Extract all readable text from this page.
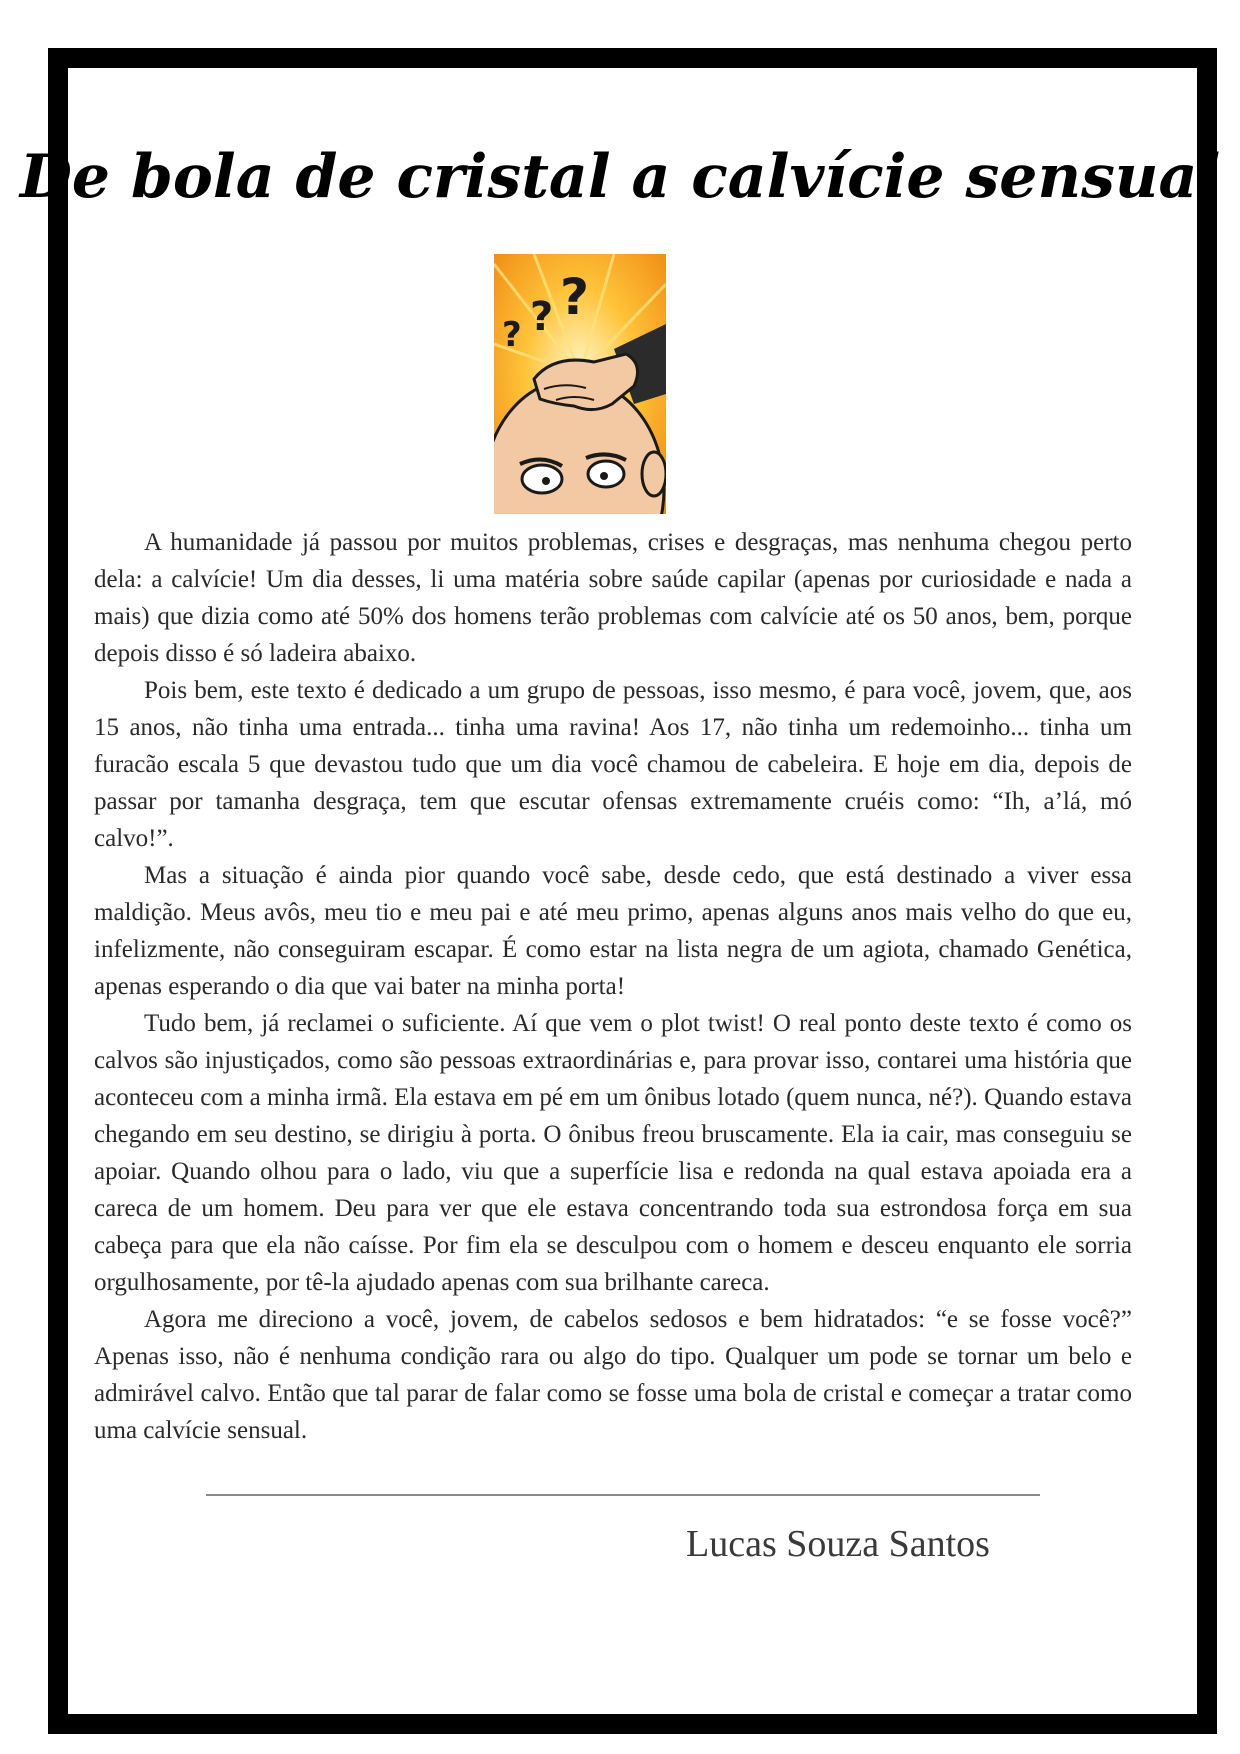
De bola de cristal a calvície sensual
? ? ?

A humanidade já passou por muitos problemas, crises e desgraças, mas nenhuma chegou perto dela: a calvície! Um dia desses, li uma matéria sobre saúde capilar (apenas por curiosidade e nada a mais) que dizia como até 50% dos homens terão problemas com calvície até os 50 anos, bem, porque depois disso é só ladeira abaixo.

Pois bem, este texto é dedicado a um grupo de pessoas, isso mesmo, é para você, jovem, que, aos 15 anos, não tinha uma entrada... tinha uma ravina! Aos 17, não tinha um redemoinho... tinha um furacão escala 5 que devastou tudo que um dia você chamou de cabeleira. E hoje em dia, depois de passar por tamanha desgraça, tem que escutar ofensas extremamente cruéis como: “Ih, a’lá, mó calvo!”.

Mas a situação é ainda pior quando você sabe, desde cedo, que está destinado a viver essa maldição. Meus avôs, meu tio e meu pai e até meu primo, apenas alguns anos mais velho do que eu, infelizmente, não conseguiram escapar. É como estar na lista negra de um agiota, chamado Genética, apenas esperando o dia que vai bater na minha porta!

Tudo bem, já reclamei o suficiente. Aí que vem o plot twist! O real ponto deste texto é como os calvos são injustiçados, como são pessoas extraordinárias e, para provar isso, contarei uma história que aconteceu com a minha irmã. Ela estava em pé em um ônibus lotado (quem nunca, né?). Quando estava chegando em seu destino, se dirigiu à porta. O ônibus freou bruscamente. Ela ia cair, mas conseguiu se apoiar. Quando olhou para o lado, viu que a superfície lisa e redonda na qual estava apoiada era a careca de um homem. Deu para ver que ele estava concentrando toda sua estrondosa força em sua cabeça para que ela não caísse. Por fim ela se desculpou com o homem e desceu enquanto ele sorria orgulhosamente, por tê-la ajudado apenas com sua brilhante careca.

Agora me direciono a você, jovem, de cabelos sedosos e bem hidratados: “e se fosse você?” Apenas isso, não é nenhuma condição rara ou algo do tipo. Qualquer um pode se tornar um belo e admirável calvo. Então que tal parar de falar como se fosse uma bola de cristal e começar a tratar como uma calvície sensual.

Lucas Souza Santos
